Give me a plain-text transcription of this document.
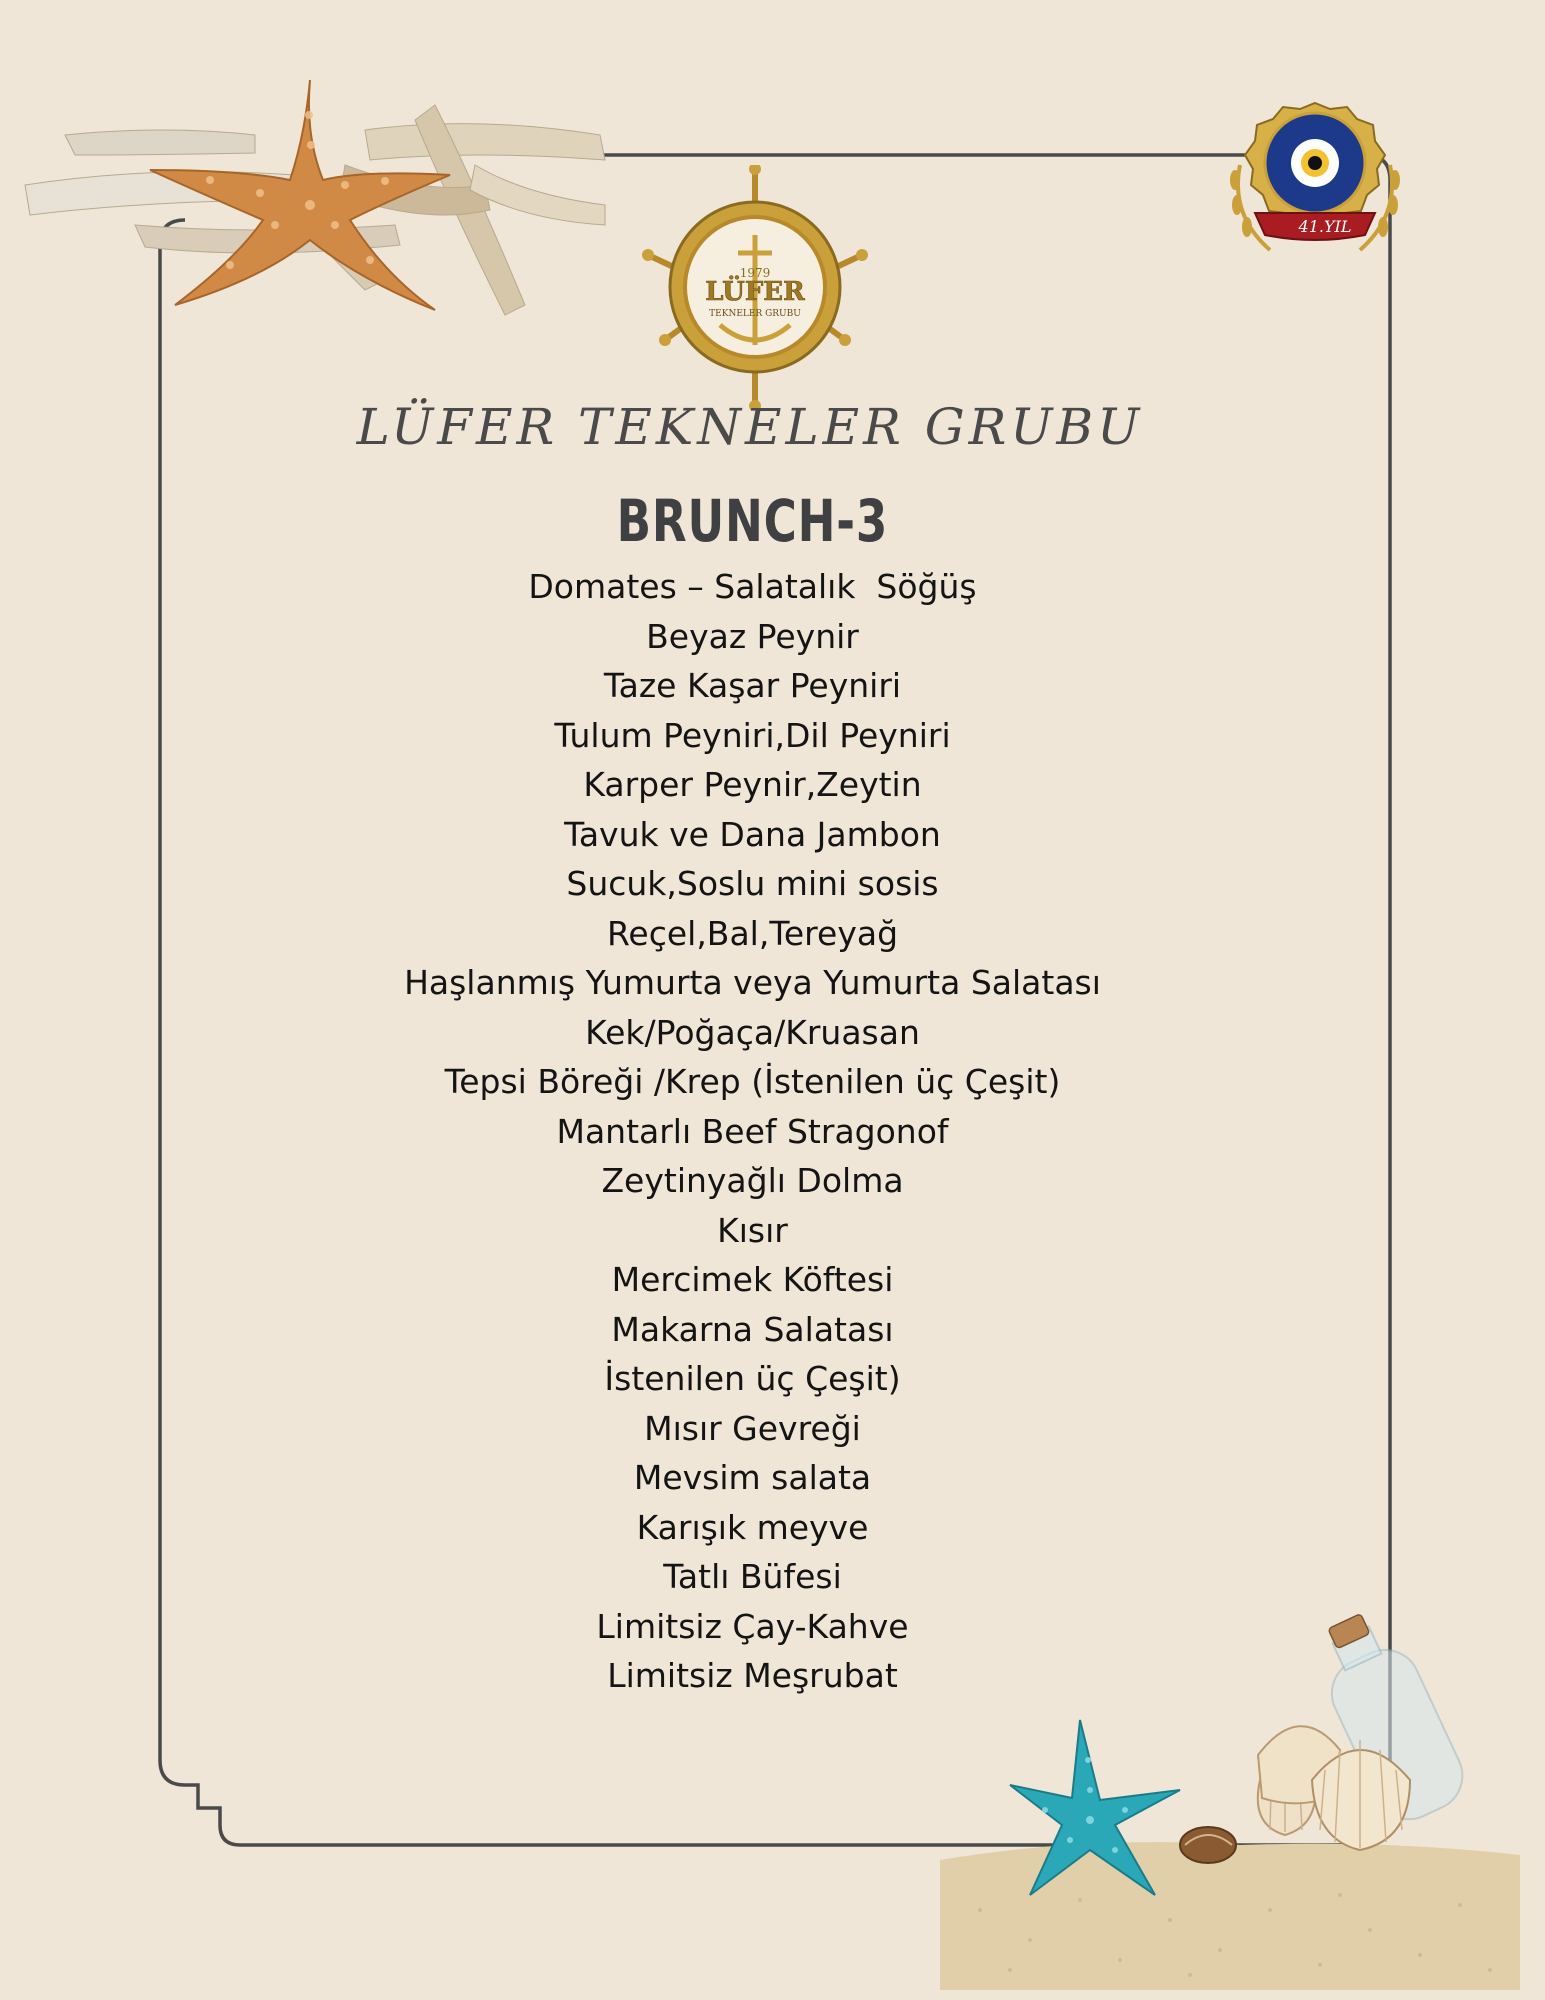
1979
LÜFER
TEKNELER GRUBU
41.YIL
LÜFER TEKNELER GRUBU
BRUNCH-3
Domates – Salatalık  Söğüş
Beyaz Peynir
Taze Kaşar Peyniri
Tulum Peyniri,Dil Peyniri
Karper Peynir,Zeytin
Tavuk ve Dana Jambon
Sucuk,Soslu mini sosis
Reçel,Bal,Tereyağ
Haşlanmış Yumurta veya Yumurta Salatası
Kek/Poğaça/Kruasan
Tepsi Böreği /Krep (İstenilen üç Çeşit)
Mantarlı Beef Stragonof
Zeytinyağlı Dolma
Kısır
Mercimek Köftesi
Makarna Salatası
İstenilen üç Çeşit)
Mısır Gevreği
Mevsim salata
Karışık meyve
Tatlı Büfesi
Limitsiz Çay-Kahve
Limitsiz Meşrubat
